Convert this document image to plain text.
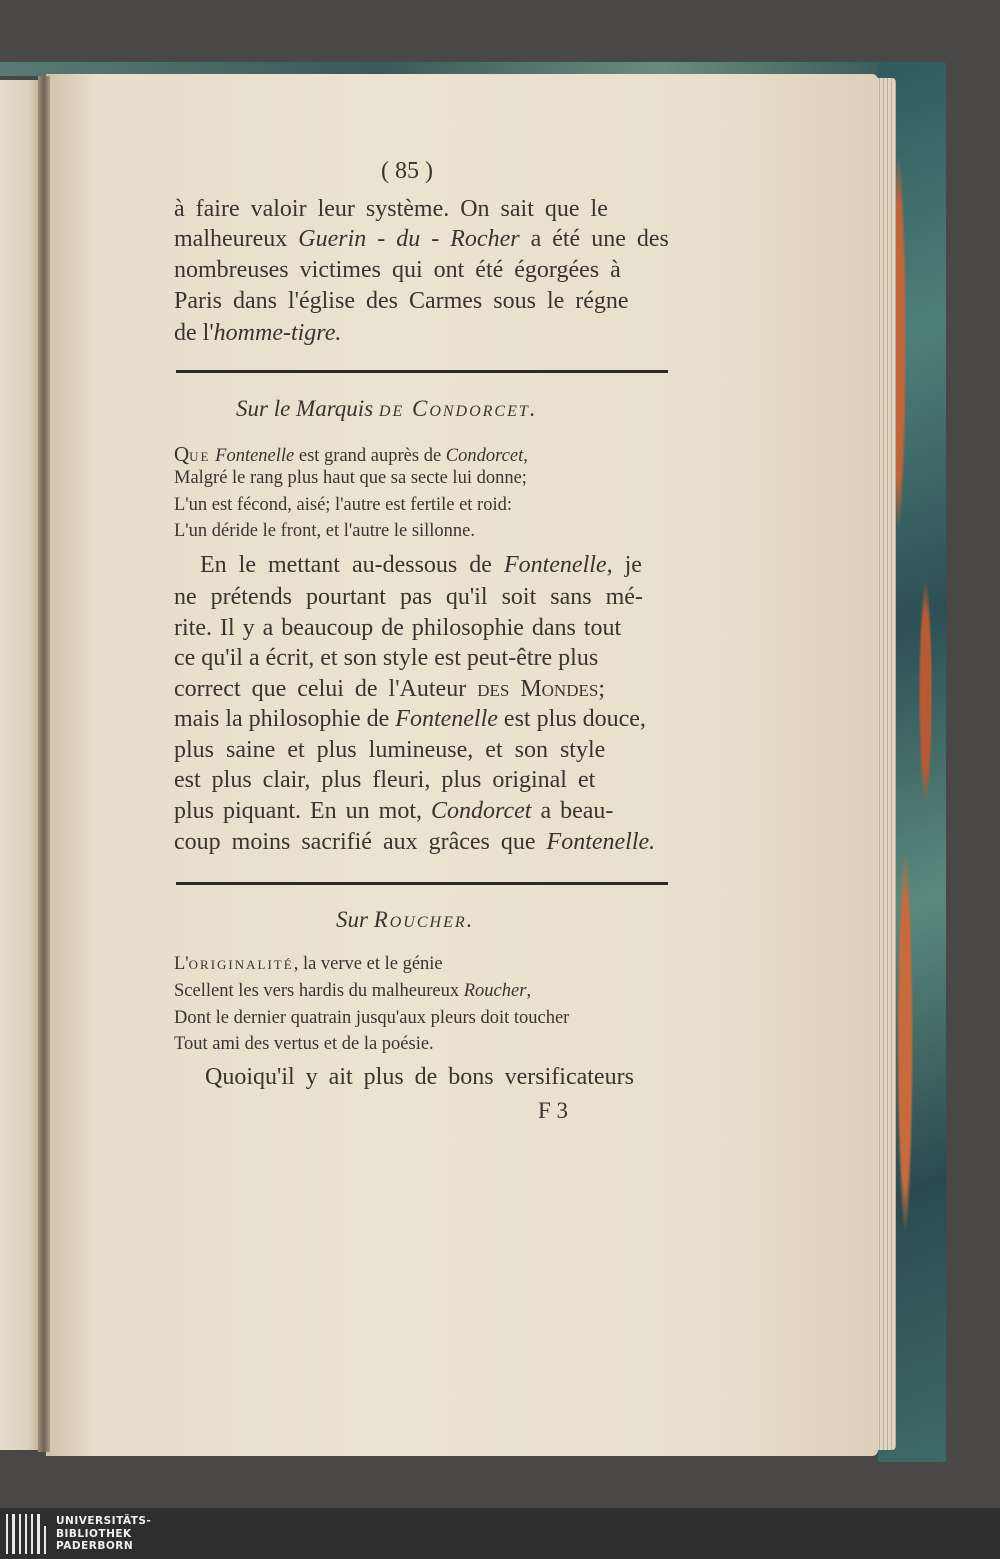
( 85 )
à faire valoir leur système. On sait que le
malheureux Guerin - du - Rocher a été une des
nombreuses victimes qui ont été égorgées à
Paris dans l'église des Carmes sous le régne
de l'homme-tigre.
Sur le Marquis de Condorcet.
Que Fontenelle est grand auprès de Condorcet,
Malgré le rang plus haut que sa secte lui donne;
L'un est fécond, aisé; l'autre est fertile et roid:
L'un déride le front, et l'autre le sillonne.
En le mettant au-dessous de Fontenelle, je
ne prétends pourtant pas qu'il soit sans mé-
rite. Il y a beaucoup de philosophie dans tout
ce qu'il a écrit, et son style est peut-être plus
correct que celui de l'Auteur des Mondes;
mais la philosophie de Fontenelle est plus douce,
plus saine et plus lumineuse, et son style
est plus clair, plus fleuri, plus original et
plus piquant. En un mot, Condorcet a beau-
coup moins sacrifié aux grâces que Fontenelle.
Sur Roucher.
L'originalité, la verve et le génie
Scellent les vers hardis du malheureux Roucher,
Dont le dernier quatrain jusqu'aux pleurs doit toucher
Tout ami des vertus et de la poésie.
Quoiqu'il y ait plus de bons versificateurs
F 3
UNIVERSITÄTS-
BIBLIOTHEK
PADERBORN
